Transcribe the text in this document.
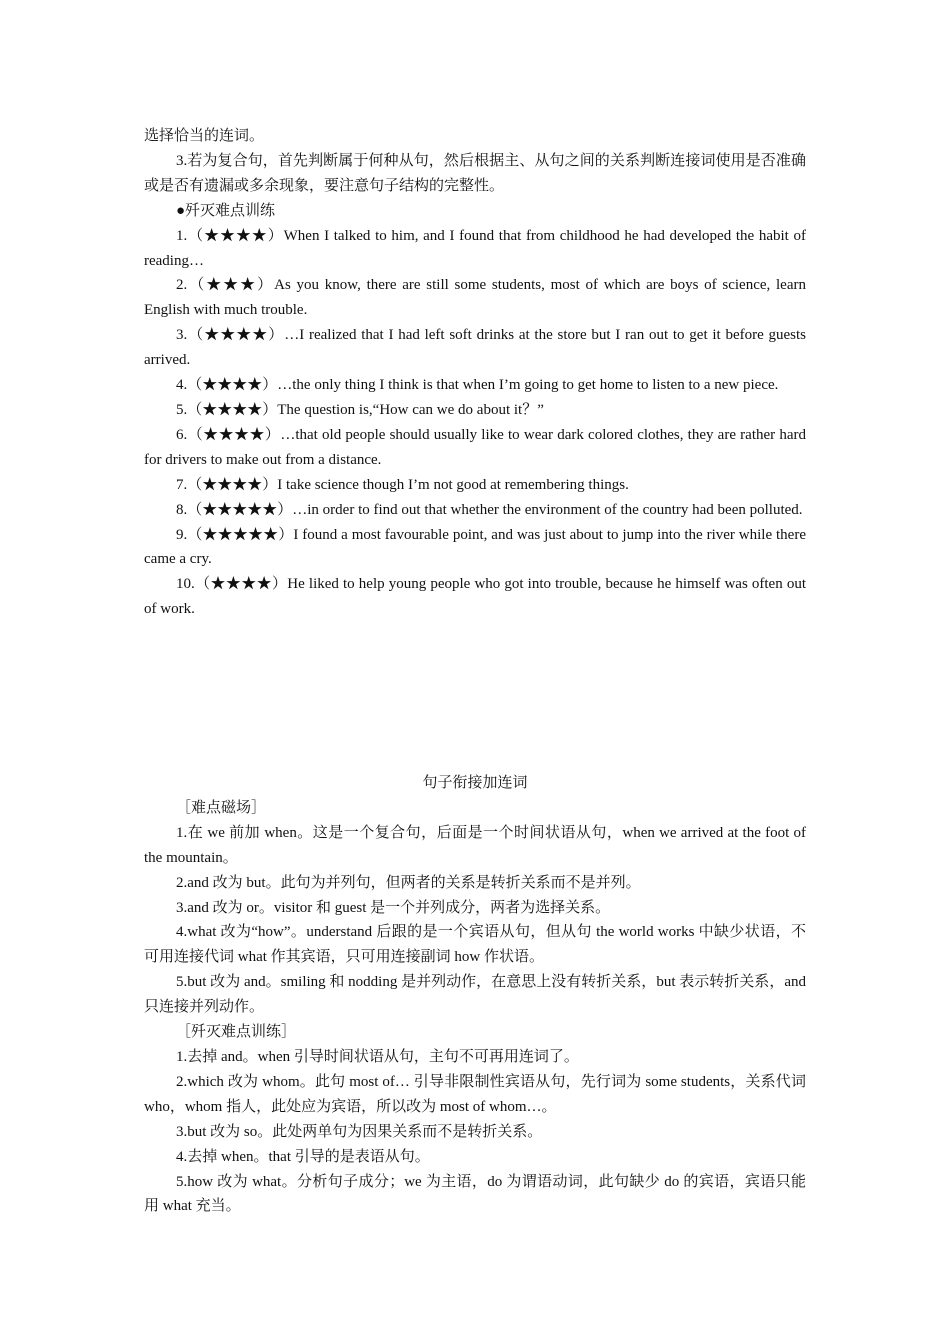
选择恰当的连词。

3.若为复合句，首先判断属于何种从句，然后根据主、从句之间的关系判断连接词使用是否准确或是否有遗漏或多余现象，要注意句子结构的完整性。

●歼灭难点训练

1.（★★★★）When I talked to him, and I found that from childhood he had developed the habit of reading…

2.（★★★）As you know, there are still some students, most of which are boys of science, learn English with much trouble.

3.（★★★★）…I realized that I had left soft drinks at the store but I ran out to get it before guests arrived.

4.（★★★★）…the only thing I think is that when I’m going to get home to listen to a new piece.

5.（★★★★）The question is,“How can we do about it？”

6.（★★★★）…that old people should usually like to wear dark colored clothes, they are rather hard for drivers to make out from a distance.

7.（★★★★）I take science though I’m not good at remembering things.

8.（★★★★★）…in order to find out that whether the environment of the country had been polluted.

9.（★★★★★）I found a most favourable point, and was just about to jump into the river while there came a cry.

10.（★★★★）He liked to help young people who got into trouble, because he himself was often out of work.

句子衔接加连词

［难点磁场］

1.在 we 前加 when。这是一个复合句，后面是一个时间状语从句，when we arrived at the foot of the mountain。

2.and 改为 but。此句为并列句，但两者的关系是转折关系而不是并列。

3.and 改为 or。visitor 和 guest 是一个并列成分，两者为选择关系。

4.what 改为“how”。understand 后跟的是一个宾语从句，但从句 the world works 中缺少状语，不可用连接代词 what 作其宾语，只可用连接副词 how 作状语。

5.but 改为 and。smiling 和 nodding 是并列动作，在意思上没有转折关系，but 表示转折关系，and 只连接并列动作。

［歼灭难点训练］

1.去掉 and。when 引导时间状语从句，主句不可再用连词了。

2.which 改为 whom。此句 most of… 引导非限制性宾语从句，先行词为 some students，关系代词 who，whom 指人，此处应为宾语，所以改为 most of whom…。

3.but 改为 so。此处两单句为因果关系而不是转折关系。

4.去掉 when。that 引导的是表语从句。

5.how 改为 what。分析句子成分；we 为主语，do 为谓语动词，此句缺少 do 的宾语，宾语只能用 what 充当。
